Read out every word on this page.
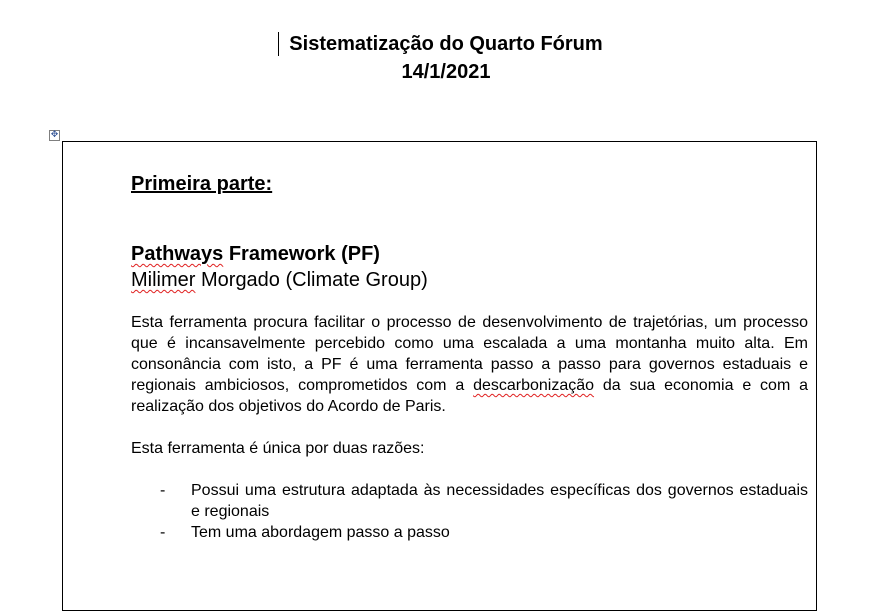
Sistematização do Quarto Fórum
14/1/2021
✥
Primeira parte:
Pathways Framework (PF)
Milimer Morgado (Climate Group)
Esta ferramenta procura facilitar o processo de desenvolvimento de trajetórias, um processo que é incansavelmente percebido como uma escalada a uma montanha muito alta. Em consonância com isto, a PF é uma ferramenta passo a passo para governos estaduais e regionais ambiciosos, comprometidos com a descarbonização da sua economia e com a realização dos objetivos do Acordo de Paris.
Esta ferramenta é única por duas razões:
- Possui uma estrutura adaptada às necessidades específicas dos governos estaduais e regionais
- Tem uma abordagem passo a passo
